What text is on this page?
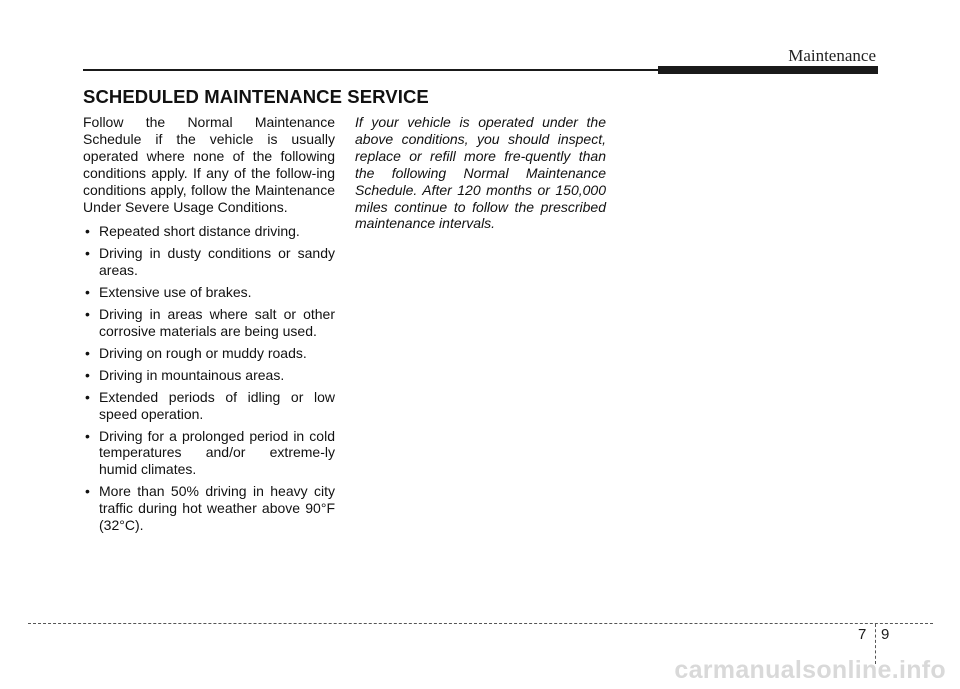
Maintenance
SCHEDULED MAINTENANCE SERVICE

Follow the Normal Maintenance Schedule if the vehicle is usually operated where none of the following conditions apply. If any of the follow-ing conditions apply, follow the Maintenance Under Severe Usage Conditions.

• Repeated short distance driving.
• Driving in dusty conditions or sandy areas.
• Extensive use of brakes.
• Driving in areas where salt or other corrosive materials are being used.
• Driving on rough or muddy roads.
• Driving in mountainous areas.
• Extended periods of idling or low speed operation.
• Driving for a prolonged period in cold temperatures and/or extreme-ly humid climates.
• More than 50% driving in heavy city traffic during hot weather above 90°F (32°C).

If your vehicle is operated under the above conditions, you should inspect, replace or refill more fre-quently than the following Normal Maintenance Schedule. After 120 months or 150,000 miles continue to follow the prescribed maintenance intervals.

7 9
carmanualsonline.info
